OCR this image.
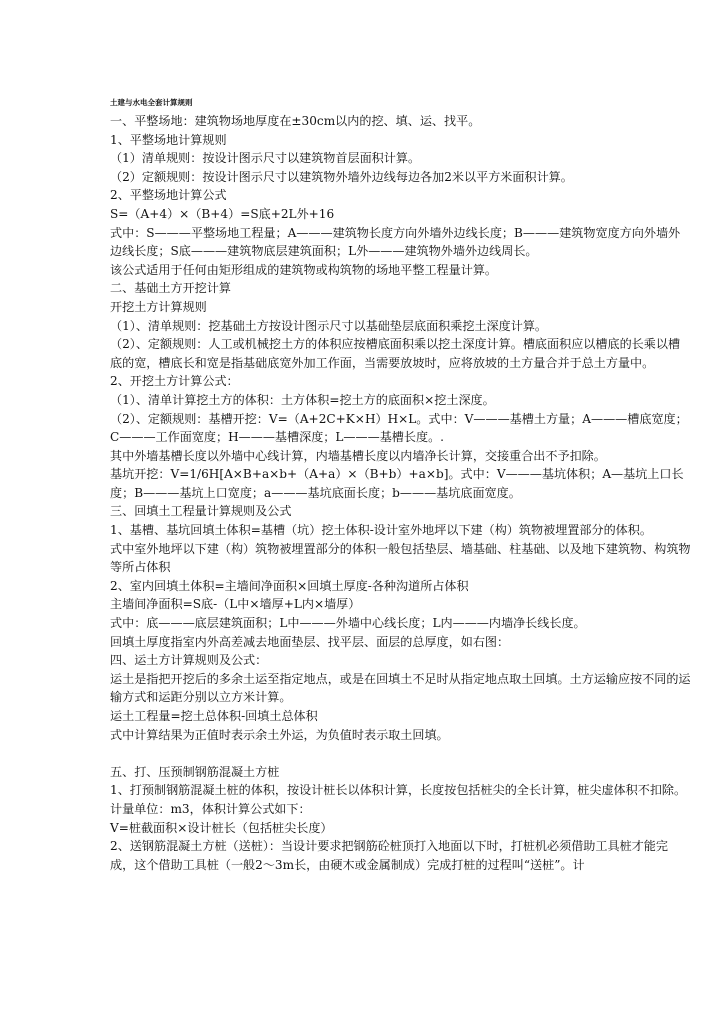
土建与水电全套计算规则

一、平整场地：建筑物场地厚度在±30cm以内的挖、填、运、找平。

1、平整场地计算规则

（1）清单规则：按设计图示尺寸以建筑物首层面积计算。

（2）定额规则：按设计图示尺寸以建筑物外墙外边线每边各加2米以平方米面积计算。

2、平整场地计算公式

S=（A+4）×（B+4）=S底+2L外+16

式中：S———平整场地工程量；A———建筑物长度方向外墙外边线长度；B———建筑物宽度方向外墙外边线长度；S底———建筑物底层建筑面积；L外———建筑物外墙外边线周长。

该公式适用于任何由矩形组成的建筑物或构筑物的场地平整工程量计算。

二、基础土方开挖计算

开挖土方计算规则

（1）、清单规则：挖基础土方按设计图示尺寸以基础垫层底面积乘挖土深度计算。

（2）、定额规则：人工或机械挖土方的体积应按槽底面积乘以挖土深度计算。槽底面积应以槽底的长乘以槽底的宽，槽底长和宽是指基础底宽外加工作面，当需要放坡时，应将放坡的土方量合并于总土方量中。

2、开挖土方计算公式：

（1）、清单计算挖土方的体积：土方体积=挖土方的底面积×挖土深度。

（2）、定额规则：基槽开挖：V=（A+2C+K×H）H×L。式中：V———基槽土方量；A———槽底宽度；C———工作面宽度；H———基槽深度；L———基槽长度。.

其中外墙基槽长度以外墙中心线计算，内墙基槽长度以内墙净长计算，交接重合出不予扣除。

基坑开挖：V=1/6H[A×B+a×b+（A+a）×（B+b）+a×b]。式中：V———基坑体积；A—基坑上口长度；B———基坑上口宽度；a———基坑底面长度；b———基坑底面宽度。

三、回填土工程量计算规则及公式

1、基槽、基坑回填土体积=基槽（坑）挖土体积-设计室外地坪以下建（构）筑物被埋置部分的体积。

式中室外地坪以下建（构）筑物被埋置部分的体积一般包括垫层、墙基础、柱基础、以及地下建筑物、构筑物等所占体积

2、室内回填土体积=主墙间净面积×回填土厚度-各种沟道所占体积

主墙间净面积=S底-（L中×墙厚+L内×墙厚）

式中：底———底层建筑面积；L中———外墙中心线长度；L内———内墙净长线长度。

回填土厚度指室内外高差减去地面垫层、找平层、面层的总厚度，如右图：

四、运土方计算规则及公式：

运土是指把开挖后的多余土运至指定地点，或是在回填土不足时从指定地点取土回填。土方运输应按不同的运输方式和运距分别以立方米计算。

运土工程量=挖土总体积-回填土总体积

式中计算结果为正值时表示余土外运，为负值时表示取土回填。

五、打、压预制钢筋混凝土方桩

1、打预制钢筋混凝土桩的体积，按设计桩长以体积计算，长度按包括桩尖的全长计算，桩尖虚体积不扣除。计量单位：m3，体积计算公式如下：

V=桩截面积×设计桩长（包括桩尖长度）

2、送钢筋混凝土方桩（送桩）：当设计要求把钢筋砼桩顶打入地面以下时，打桩机必须借助工具桩才能完成，这个借助工具桩（一般2～3m长，由硬木或金属制成）完成打桩的过程叫“送桩”。计
